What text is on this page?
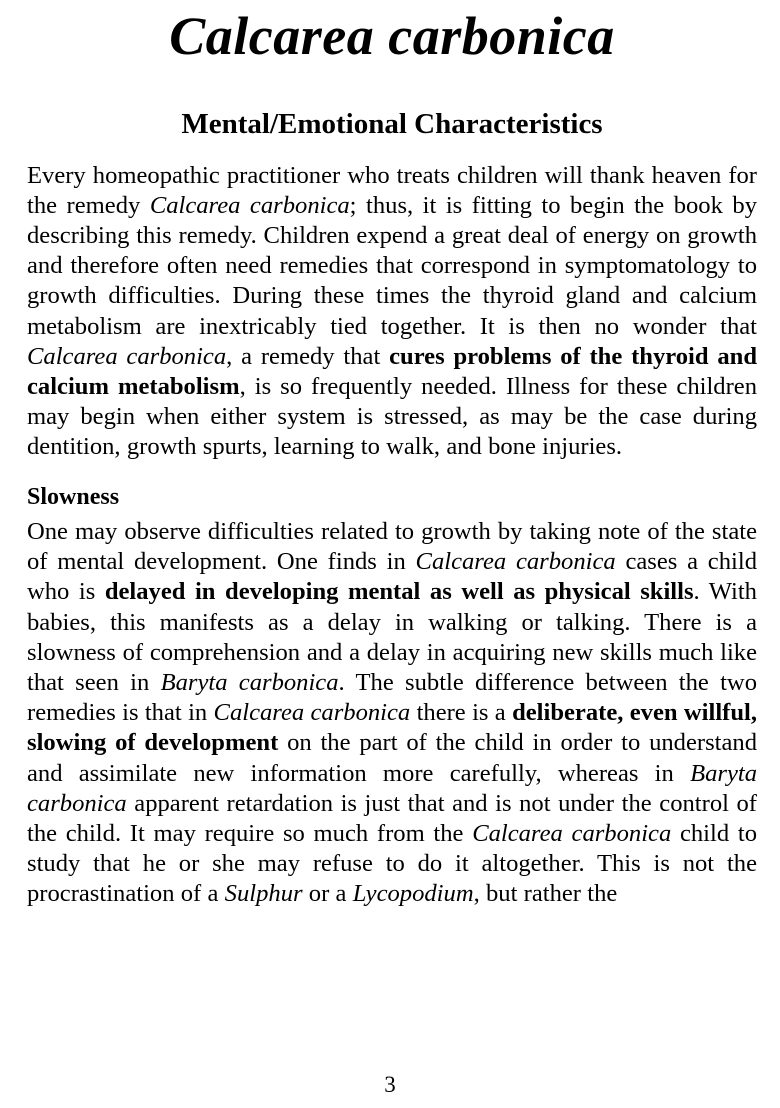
Calcarea carbonica
Mental/Emotional Characteristics

Every homeopathic practitioner who treats children will thank heaven for the remedy Calcarea carbonica; thus, it is fitting to begin the book by describing this remedy. Children expend a great deal of energy on growth and therefore often need remedies that correspond in symptomatology to growth difficulties. During these times the thyroid gland and calcium metabolism are inextricably tied together. It is then no wonder that Calcarea carbonica, a remedy that cures problems of the thyroid and calcium metabolism, is so frequently needed. Illness for these children may begin when either system is stressed, as may be the case during dentition, growth spurts, learning to walk, and bone injuries.

Slowness

One may observe difficulties related to growth by taking note of the state of mental development. One finds in Calcarea carbonica cases a child who is delayed in developing mental as well as physical skills. With babies, this manifests as a delay in walking or talking. There is a slowness of comprehension and a delay in acquiring new skills much like that seen in Baryta carbonica. The subtle difference between the two remedies is that in Calcarea carbonica there is a deliberate, even willful, slowing of development on the part of the child in order to understand and assimilate new information more carefully, whereas in Baryta carbonica apparent retardation is just that and is not under the control of the child. It may require so much from the Calcarea carbonica child to study that he or she may refuse to do it altogether. This is not the procrastination of a Sulphur or a Lycopodium, but rather the

3
